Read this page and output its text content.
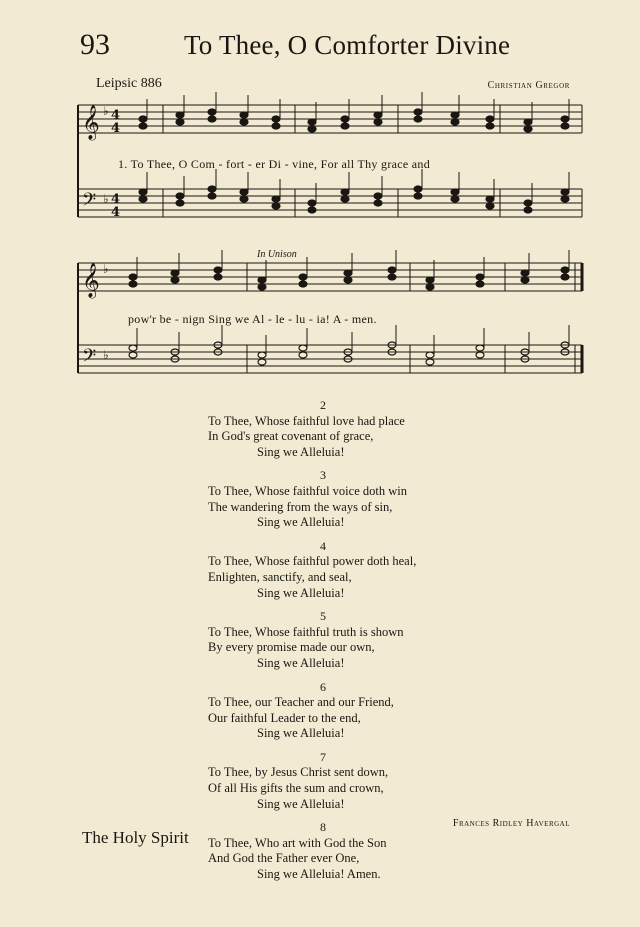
93	To Thee, O Comforter Divine
Leipsic 886	Christian Gregor
𝄞 ♭
4
4
𝄢 ♭
4
4
𝄞 ♭
𝄢 ♭
In Unison
1. To Thee, O Com - fort - er Di - vine, For all Thy grace and
pow'r be - nign Sing we Al - le - lu - ia! A - men.
2
To Thee, Whose faithful love had place
In God's great covenant of grace,
Sing we Alleluia!
3
To Thee, Whose faithful voice doth win
The wandering from the ways of sin,
Sing we Alleluia!
4
To Thee, Whose faithful power doth heal,
Enlighten, sanctify, and seal,
Sing we Alleluia!
5
To Thee, Whose faithful truth is shown
By every promise made our own,
Sing we Alleluia!
6
To Thee, our Teacher and our Friend,
Our faithful Leader to the end,
Sing we Alleluia!
7
To Thee, by Jesus Christ sent down,
Of all His gifts the sum and crown,
Sing we Alleluia!
8
To Thee, Who art with God the Son
And God the Father ever One,
Sing we Alleluia! Amen.
Frances Ridley Havergal
The Holy Spirit
